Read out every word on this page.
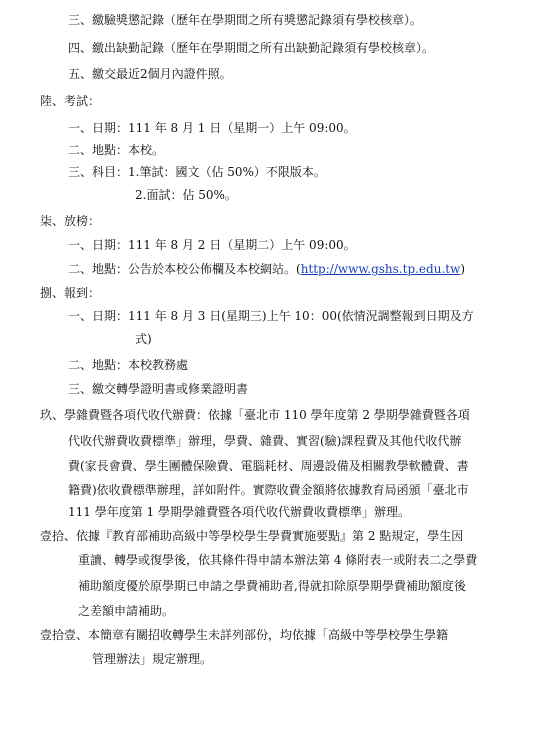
三、繳驗獎懲記錄（歷年在學期間之所有獎懲記錄須有學校核章）。
四、繳出缺勤記錄（歷年在學期間之所有出缺勤記錄須有學校核章）。
五、繳交最近2個月內證件照。
陸、考試：
一、日期：111 年 8 月 1 日（星期一）上午 09:00。
二、地點：本校。
三、科目：1.筆試：國文（佔 50%）不限版本。
2.面試：佔 50%。
柒、放榜：
一、日期：111 年 8 月 2 日（星期二）上午 09:00。
二、地點：公告於本校公佈欄及本校網站。(http://www.gshs.tp.edu.tw)
捌、報到：
一、日期：111 年 8 月 3 日(星期三)上午 10：00(依情況調整報到日期及方
式)
二、地點：本校教務處
三、繳交轉學證明書或修業證明書
玖、學雜費暨各項代收代辦費：依據「臺北市 110 學年度第 2 學期學雜費暨各項
代收代辦費收費標準」辦理，學費、雜費、實習(驗)課程費及其他代收代辦
費(家長會費、學生團體保險費、電腦耗材、周邊設備及相關教學軟體費、書
籍費)依收費標準辦理，詳如附件。實際收費金額將依據教育局函頒「臺北市
111 學年度第 1 學期學雜費暨各項代收代辦費收費標準」辦理。
壹拾、依據『教育部補助高級中等學校學生學費實施要點』第 2 點規定，學生因
重讀、轉學或復學後，依其條件得申請本辦法第 4 條附表一或附表二之學費
補助額度優於原學期已申請之學費補助者,得就扣除原學期學費補助額度後
之差額申請補助。
壹拾壹、本簡章有關招收轉學生未詳列部份，均依據「高級中等學校學生學籍
管理辦法」規定辦理。
